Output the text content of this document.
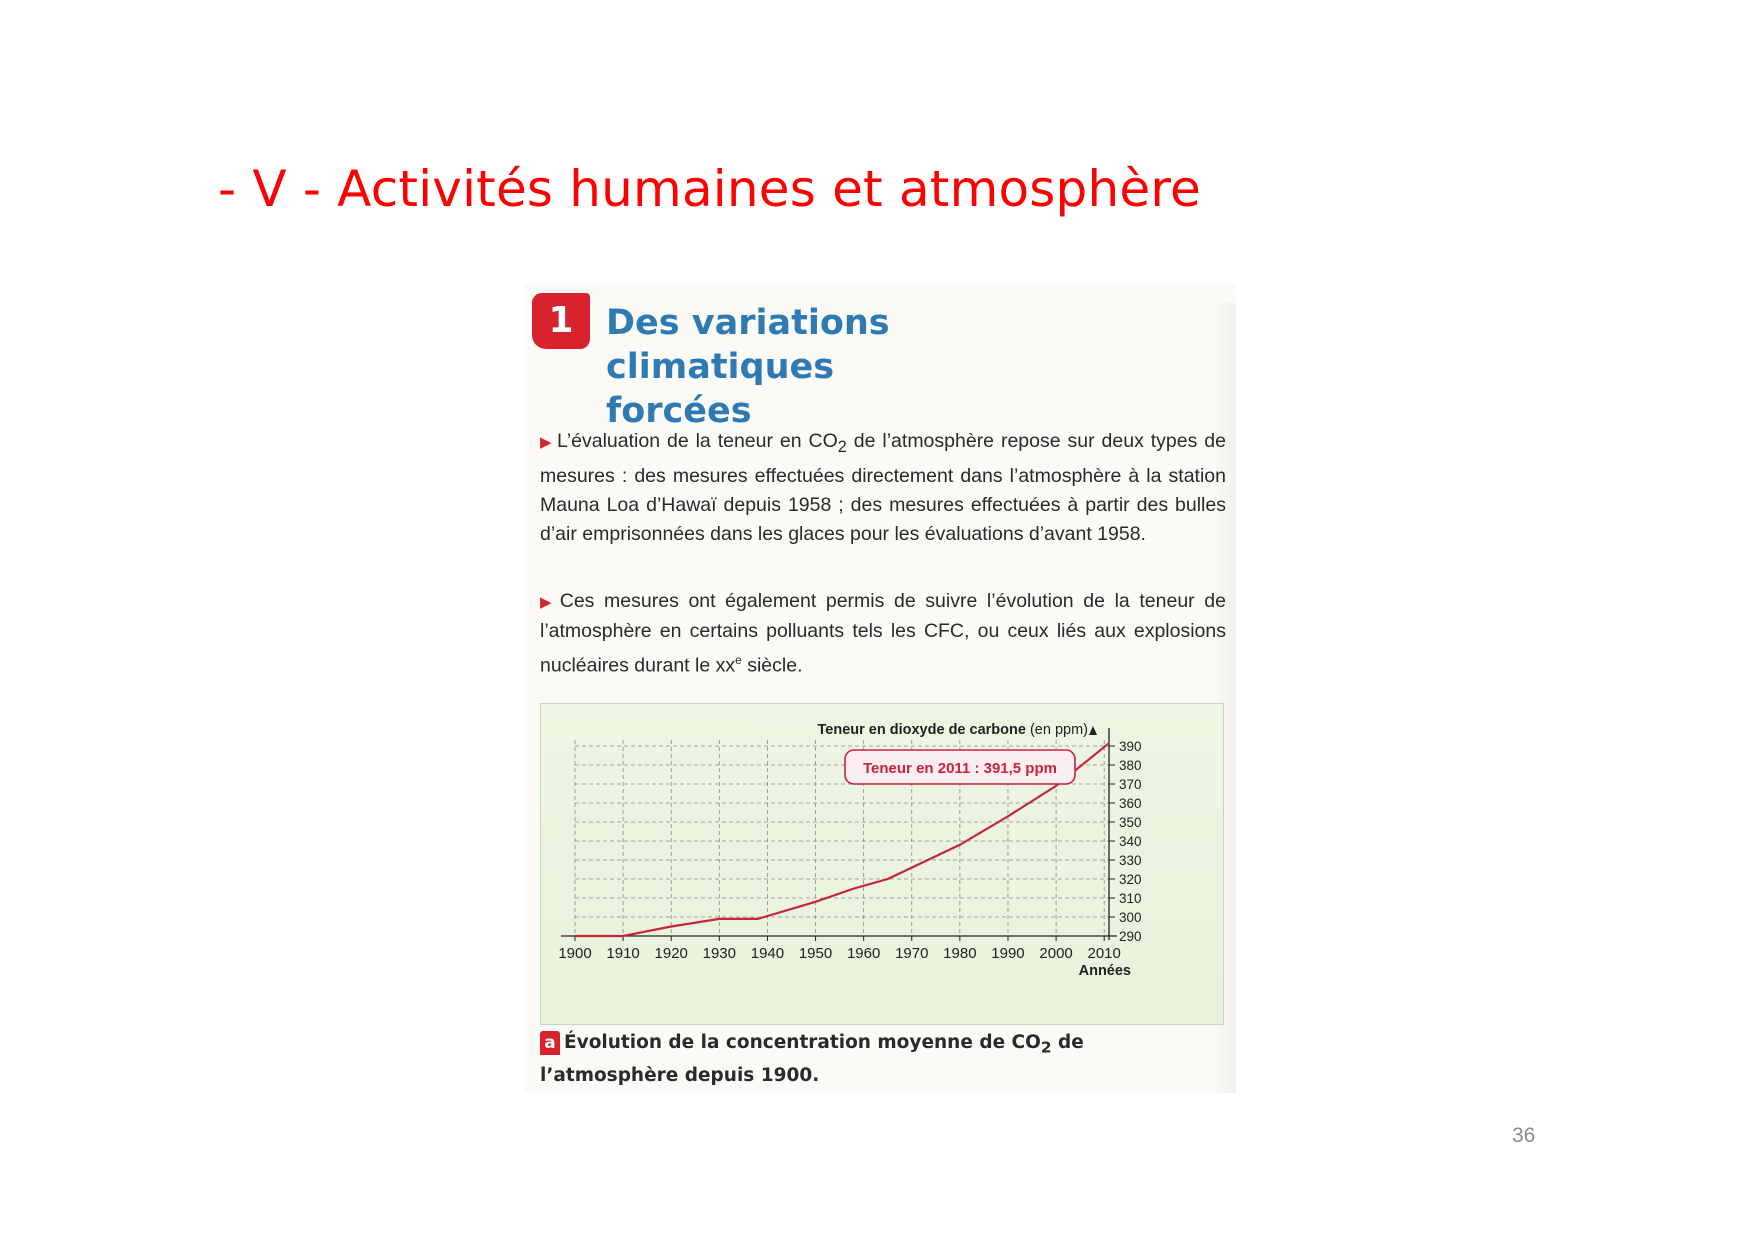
- V - Activités humaines et atmosphère
1 Des variations climatiques
forcées
▶ L’évaluation de la teneur en $CO_2$ de l’atmosphère repose sur deux types de mesures : des mesures effectuées directement dans l’atmosphère à la station Mauna Loa d’Hawaï depuis 1958 ; des mesures effectuées à partir des bulles d’air emprisonnées dans les glaces pour les évaluations d’avant 1958.
▶ Ces mesures ont également permis de suivre l’évolution de la teneur de l’atmosphère en certains polluants tels les CFC, ou ceux liés aux explosions nucléaires durant le $xx^e$ siècle.
1900 1910 1920 1930 1940 1950 1960 1970 1980 1990 2000 2010
290
300
310
320
330
340
350
360
370
380
390
Teneur en dioxyde de carbone (en ppm)
Teneur en 2011 : 391,5 ppm
Années
a Évolution de la concentration moyenne de $CO_2$ de l’atmosphère depuis 1900.
36
